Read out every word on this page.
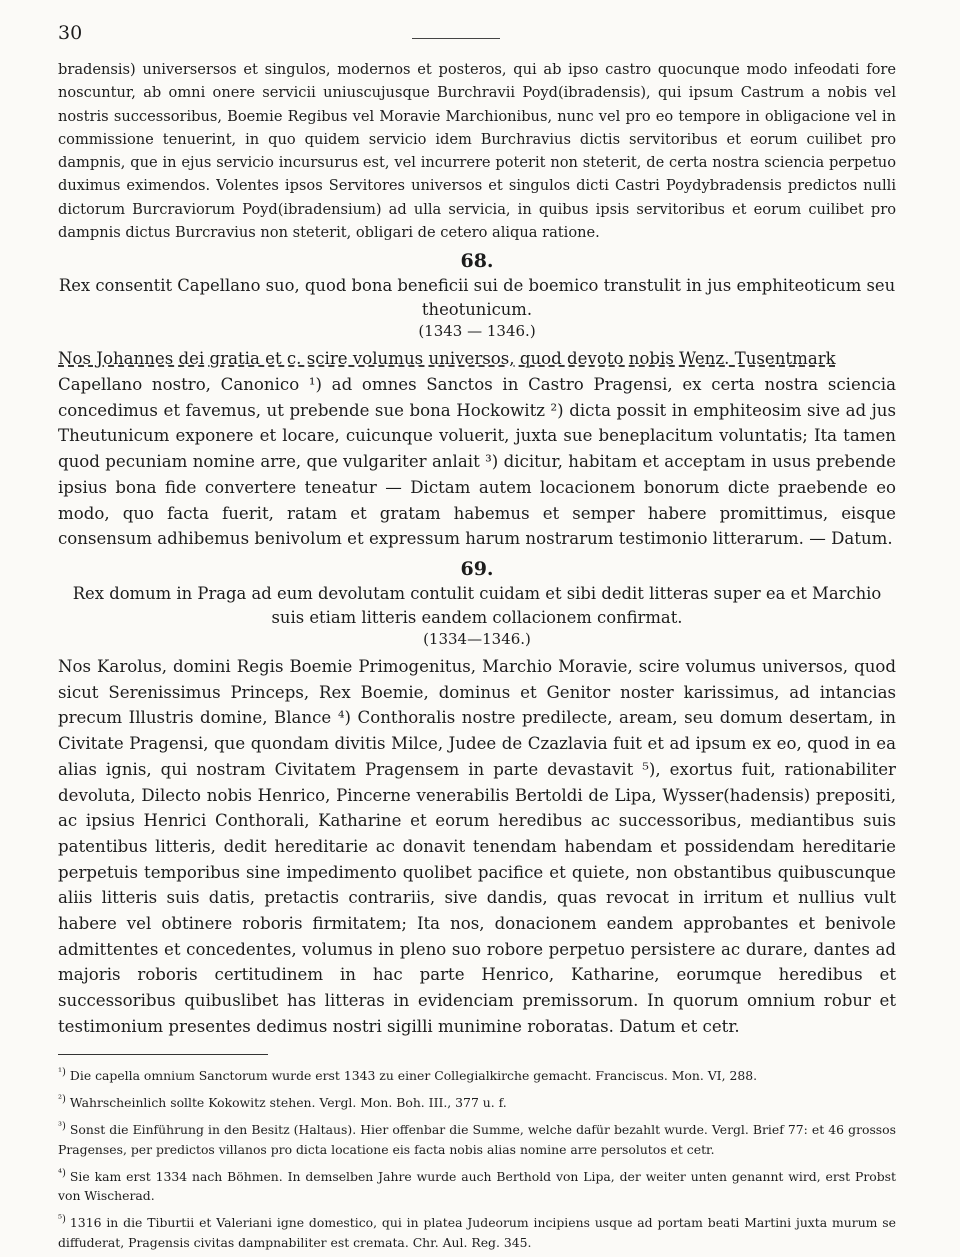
30

bradensis) universersos et singulos, modernos et posteros, qui ab ipso castro quocunque modo infeodati fore noscuntur, ab omni onere servicii uniuscujusque Burchravii Poyd(ibradensis), qui ipsum Castrum a nobis vel nostris successoribus, Boemie Regibus vel Moravie Marchionibus, nunc vel pro eo tempore in obligacione vel in commissione tenuerint, in quo quidem servicio idem Burchravius dictis servitoribus et eorum cuilibet pro dampnis, que in ejus servicio incursurus est, vel incurrere poterit non steterit, de certa nostra sciencia perpetuo duximus eximendos. Volentes ipsos Servitores universos et singulos dicti Castri Poydybradensis predictos nulli dictorum Burcraviorum Poyd(ibradensium) ad ulla servicia, in quibus ipsis servitoribus et eorum cuilibet pro dampnis dictus Burcravius non steterit, obligari de cetero aliqua ratione.

68.

Rex consentit Capellano suo, quod bona beneficii sui de boemico transtulit in jus emphiteoticum seu theotunicum.

(1343 — 1346.)

Nos Johannes dei gratia et c. scire volumus universos, quod devoto nobis Wenz. Tusentmark

Capellano nostro, Canonico ¹) ad omnes Sanctos in Castro Pragensi, ex certa nostra sciencia concedimus et favemus, ut prebende sue bona Hockowitz ²) dicta possit in emphiteosim sive ad jus Theutunicum exponere et locare, cuicunque voluerit, juxta sue beneplacitum voluntatis; Ita tamen quod pecuniam nomine arre, que vulgariter anlait ³) dicitur, habitam et acceptam in usus prebende ipsius bona fide convertere teneatur — Dictam autem locacionem bonorum dicte praebende eo modo, quo facta fuerit, ratam et gratam habemus et semper habere promittimus, eisque consensum adhibemus benivolum et expressum harum nostrarum testimonio litterarum. — Datum.

69.

Rex domum in Praga ad eum devolutam contulit cuidam et sibi dedit litteras super ea et Marchio suis etiam litteris eandem collacionem confirmat.

(1334—1346.)

Nos Karolus, domini Regis Boemie Primogenitus, Marchio Moravie, scire volumus universos, quod sicut Serenissimus Princeps, Rex Boemie, dominus et Genitor noster karissimus, ad intancias precum Illustris domine, Blance ⁴) Conthoralis nostre predilecte, aream, seu domum desertam, in Civitate Pragensi, que quondam divitis Milce, Judee de Czazlavia fuit et ad ipsum ex eo, quod in ea alias ignis, qui nostram Civitatem Pragensem in parte devastavit ⁵), exortus fuit, rationabiliter devoluta, Dilecto nobis Henrico, Pincerne venerabilis Bertoldi de Lipa, Wysser(hadensis) prepositi, ac ipsius Henrici Conthorali, Katharine et eorum heredibus ac successoribus, mediantibus suis patentibus litteris, dedit hereditarie ac donavit tenendam habendam et possidendam hereditarie perpetuis temporibus sine impedimento quolibet pacifice et quiete, non obstantibus quibuscunque aliis litteris suis datis, pretactis contrariis, sive dandis, quas revocat in irritum et nullius vult habere vel obtinere roboris firmitatem; Ita nos, donacionem eandem approbantes et benivole admittentes et concedentes, volumus in pleno suo robore perpetuo persistere ac durare, dantes ad majoris roboris certitudinem in hac parte Henrico, Katharine, eorumque heredibus et successoribus quibuslibet has litteras in evidenciam premissorum. In quorum omnium robur et testimonium presentes dedimus nostri sigilli munimine roboratas. Datum et cetr.

$^{^1)}$ Die capella omnium Sanctorum wurde erst 1343 zu einer Collegialkirche gemacht. Franciscus. Mon. VI, 288.

$^{^2)}$ Wahrscheinlich sollte Kokowitz stehen. Vergl. Mon. Boh. III., 377 u. f.

$^{^3)}$ Sonst die Einführung in den Besitz (Haltaus). Hier offenbar die Summe, welche dafür bezahlt wurde. Vergl. Brief 77: et 46 grossos Pragenses, per predictos villanos pro dicta locatione eis facta nobis alias nomine arre persolutos et cetr.

$^{^4)}$ Sie kam erst 1334 nach Böhmen. In demselben Jahre wurde auch Berthold von Lipa, der weiter unten genannt wird, erst Probst von Wischerad.

$^{^5)}$ 1316 in die Tiburtii et Valeriani igne domestico, qui in platea Judeorum incipiens usque ad portam beati Martini juxta murum se diffuderat, Pragensis civitas dampnabiliter est cremata. Chr. Aul. Reg. 345.
